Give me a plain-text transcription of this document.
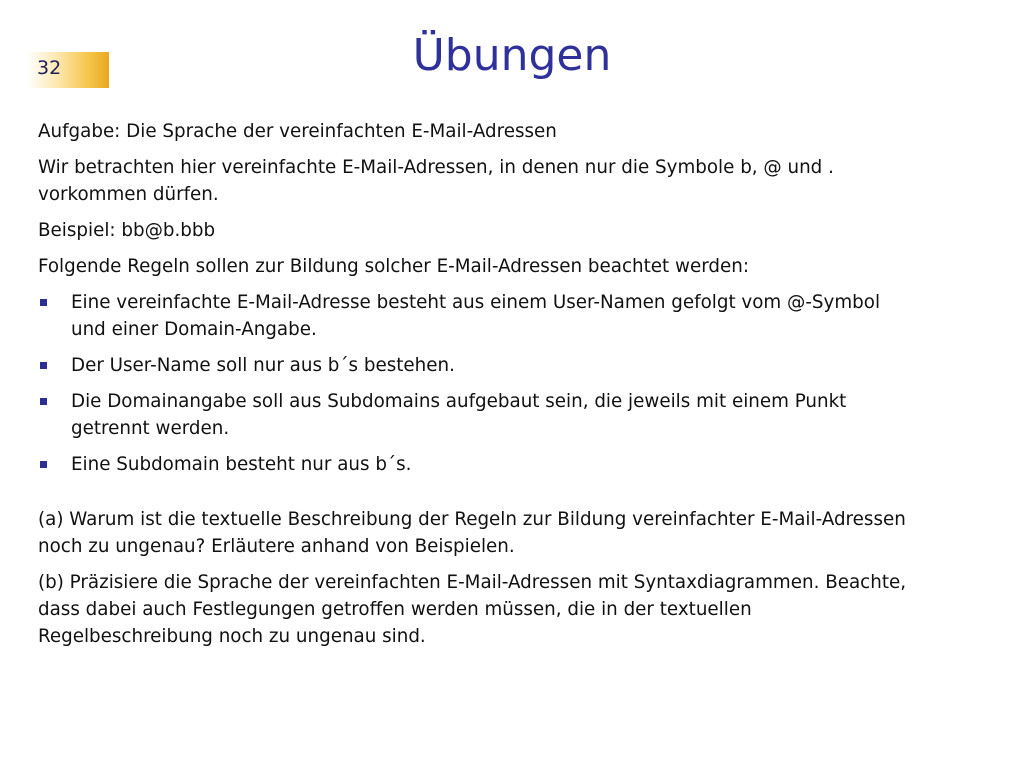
32	Übungen

Aufgabe: Die Sprache der vereinfachten E-Mail-Adressen

Wir betrachten hier vereinfachte E-Mail-Adressen, in denen nur die Symbole b, @ und .
vorkommen dürfen.

Beispiel: bb@b.bbb

Folgende Regeln sollen zur Bildung solcher E-Mail-Adressen beachtet werden:

Eine vereinfachte E-Mail-Adresse besteht aus einem User-Namen gefolgt vom @-Symbol
und einer Domain-Angabe.
Der User-Name soll nur aus b´s bestehen.
Die Domainangabe soll aus Subdomains aufgebaut sein, die jeweils mit einem Punkt
getrennt werden.
Eine Subdomain besteht nur aus b´s.

(a) Warum ist die textuelle Beschreibung der Regeln zur Bildung vereinfachter E-Mail-Adressen
noch zu ungenau? Erläutere anhand von Beispielen.

(b) Präzisiere die Sprache der vereinfachten E-Mail-Adressen mit Syntaxdiagrammen. Beachte,
dass dabei auch Festlegungen getroffen werden müssen, die in der textuellen
Regelbeschreibung noch zu ungenau sind.
